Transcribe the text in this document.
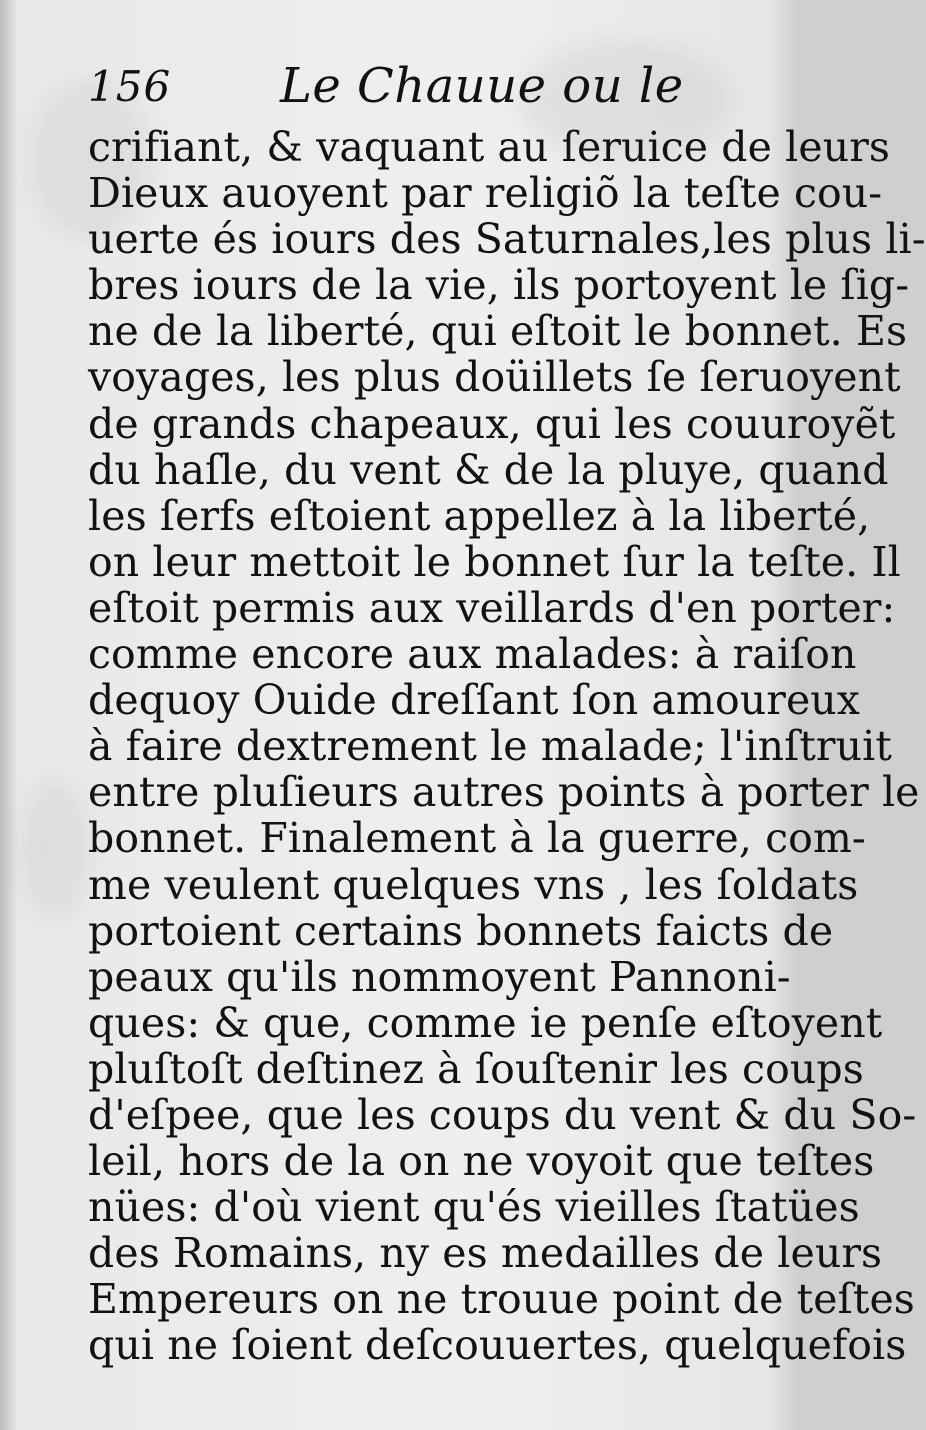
156 Le Chauue ou le
crifiant, & vaquant au ſeruice de leurs
Dieux auoyent par religiõ la teſte cou-
uerte és iours des Saturnales,les plus li-
bres iours de la vie, ils portoyent le ſig-
ne de la liberté, qui eſtoit le bonnet. Es
voyages, les plus doüillets ſe ſeruoyent
de grands chapeaux, qui les couuroyẽt
du haſle, du vent & de la pluye, quand
les ſerfs eſtoient appellez à la liberté,
on leur mettoit le bonnet ſur la teſte. Il
eſtoit permis aux veillards d'en porter:
comme encore aux malades: à raiſon
dequoy Ouide dreſſant ſon amoureux
à faire dextrement le malade; l'inſtruit
entre pluſieurs autres points à porter le
bonnet. Finalement à la guerre, com-
me veulent quelques vns , les ſoldats
portoient certains bonnets faicts de
peaux qu'ils nommoyent Pannoni-
ques: & que, comme ie penſe eſtoyent
pluſtoſt deſtinez à ſouſtenir les coups
d'eſpee, que les coups du vent & du So-
leil, hors de la on ne voyoit que teſtes
nües: d'où vient qu'és vieilles ſtatües
des Romains, ny es medailles de leurs
Empereurs on ne trouue point de teſtes
qui ne ſoient deſcouuertes, quelquefois
